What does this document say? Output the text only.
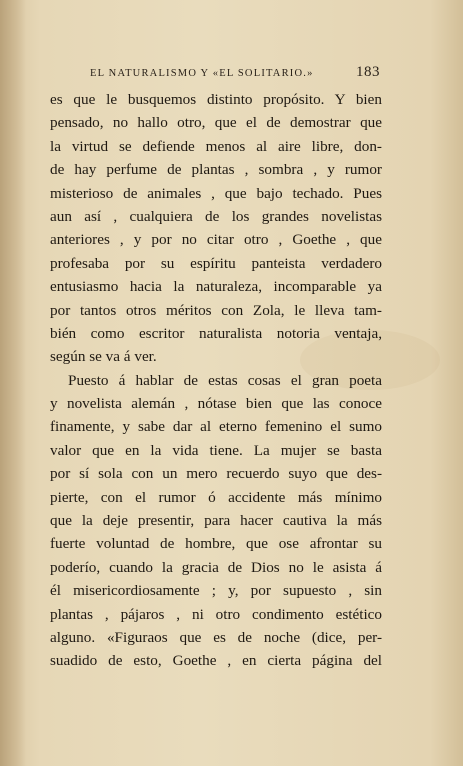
EL NATURALISMO Y «EL SOLITARIO.»	183
es que le busquemos distinto propósito. Y bien
pensado, no hallo otro, que el de demostrar que
la virtud se defiende menos al aire libre, don-
de hay perfume de plantas , sombra , y rumor
misterioso de animales , que bajo techado. Pues
aun así , cualquiera de los grandes novelistas
anteriores , y por no citar otro , Goethe , que
profesaba por su espíritu panteista verdadero
entusiasmo hacia la naturaleza, incomparable ya
por tantos otros méritos con Zola, le lleva tam-
bién como escritor naturalista notoria ventaja,
según se va á ver.
Puesto á hablar de estas cosas el gran poeta
y novelista alemán , nótase bien que las conoce
finamente, y sabe dar al eterno femenino el sumo
valor que en la vida tiene. La mujer se basta
por sí sola con un mero recuerdo suyo que des-
pierte, con el rumor ó accidente más mínimo
que la deje presentir, para hacer cautiva la más
fuerte voluntad de hombre, que ose afrontar su
poderío, cuando la gracia de Dios no le asista á
él misericordiosamente ; y, por supuesto , sin
plantas , pájaros , ni otro condimento estético
alguno. «Figuraos que es de noche (dice, per-
suadido de esto, Goethe , en cierta página del
